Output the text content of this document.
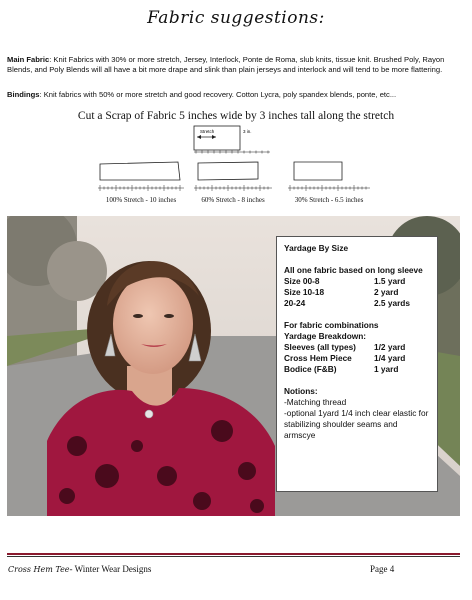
Fabric suggestions:
Main Fabric: Knit Fabrics with 30% or more stretch, Jersey, Interlock, Ponte de Roma, slub knits, tissue knit. Brushed Poly, Rayon Blends, and Poly Blends will all have a bit more drape and slink than plain jerseys and interlock and will tend to be more flattering.
Bindings: Knit fabrics with 50% or more stretch and good recovery. Cotton Lycra, poly spandex blends, ponte, etc...
Cut a Scrap of Fabric 5 inches wide by 3 inches tall along the stretch
Stretch	3 in.
100% Stretch - 10 inches	60% Stretch - 8 inches	30% Stretch - 6.5 inches
Yardage By Size
All one fabric based on long sleeve
Size 00-8	1.5 yard
Size 10-18	2 yard
20-24	2.5 yards
For fabric combinations
Yardage Breakdown:
Sleeves (all types)	1/2 yard
Cross Hem Piece	1/4 yard
Bodice (F&B)	1 yard
Notions:
-Matching thread
-optional 1yard 1/4 inch clear elastic for stabilizing shoulder seams and armscye
Cross Hem Tee- Winter Wear Designs	Page 4
